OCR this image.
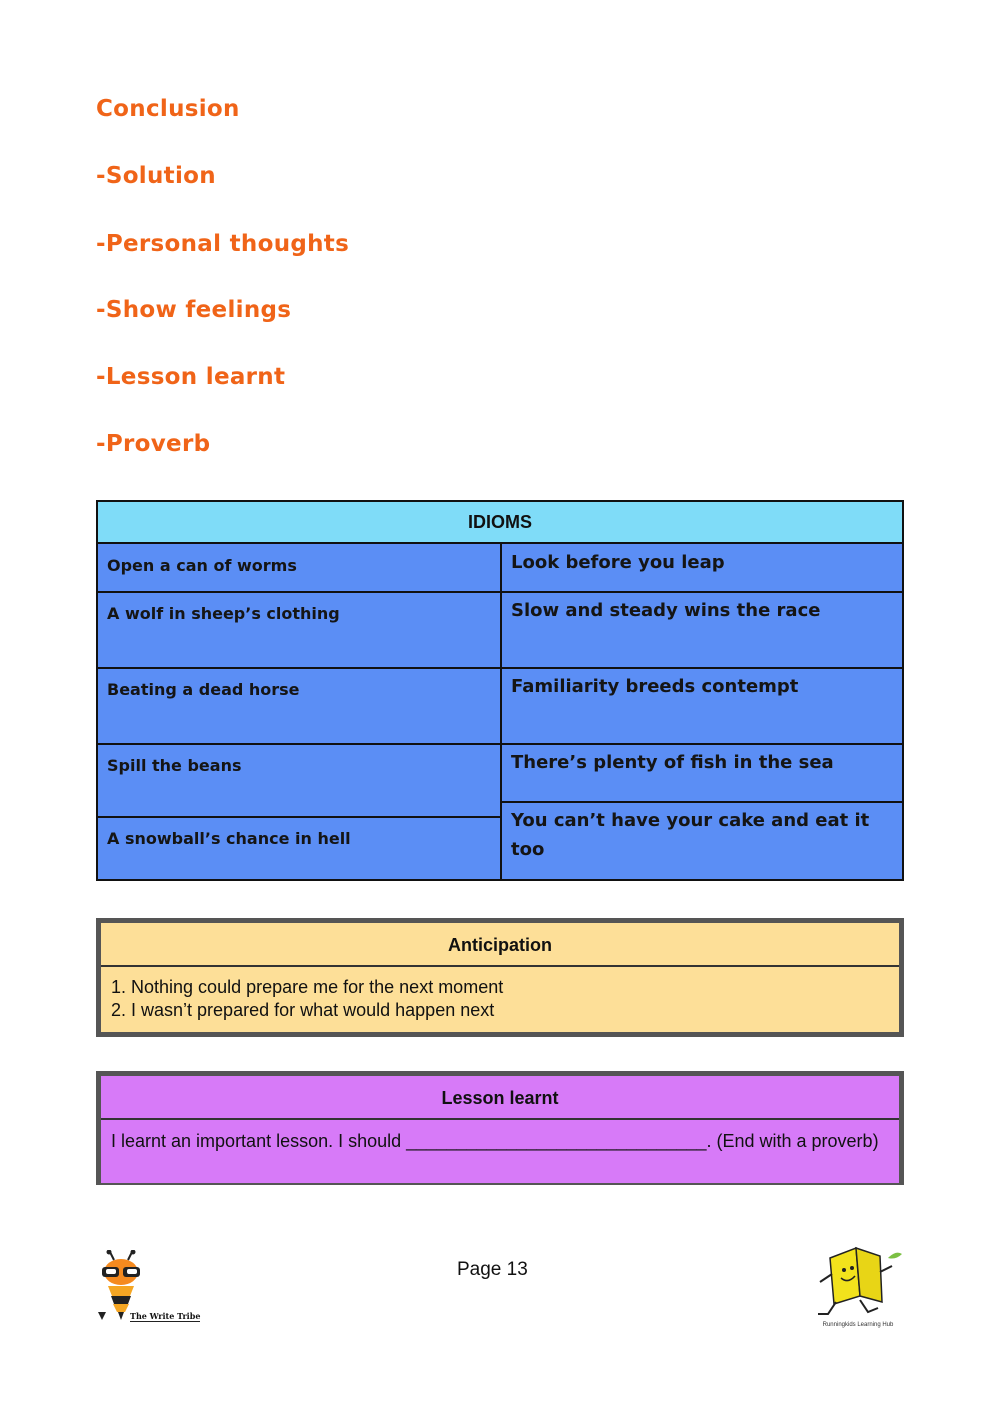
Conclusion
-Solution
-Personal thoughts
-Show feelings
-Lesson learnt
-Proverb
IDIOMS
Open a can of worms
A wolf in sheep’s clothing
Beating a dead horse
Spill the beans
A snowball’s chance in hell
Look before you leap
Slow and steady wins the race
Familiarity breeds contempt
There’s plenty of fish in the sea
You can’t have your cake and eat it too
Anticipation
1. Nothing could prepare me for the next moment
2. I wasn’t prepared for what would happen next
Lesson learnt
I learnt an important lesson. I should ______________________________. (End with a proverb)
The Write Tribe
Page 13
Runningkids Learning Hub
